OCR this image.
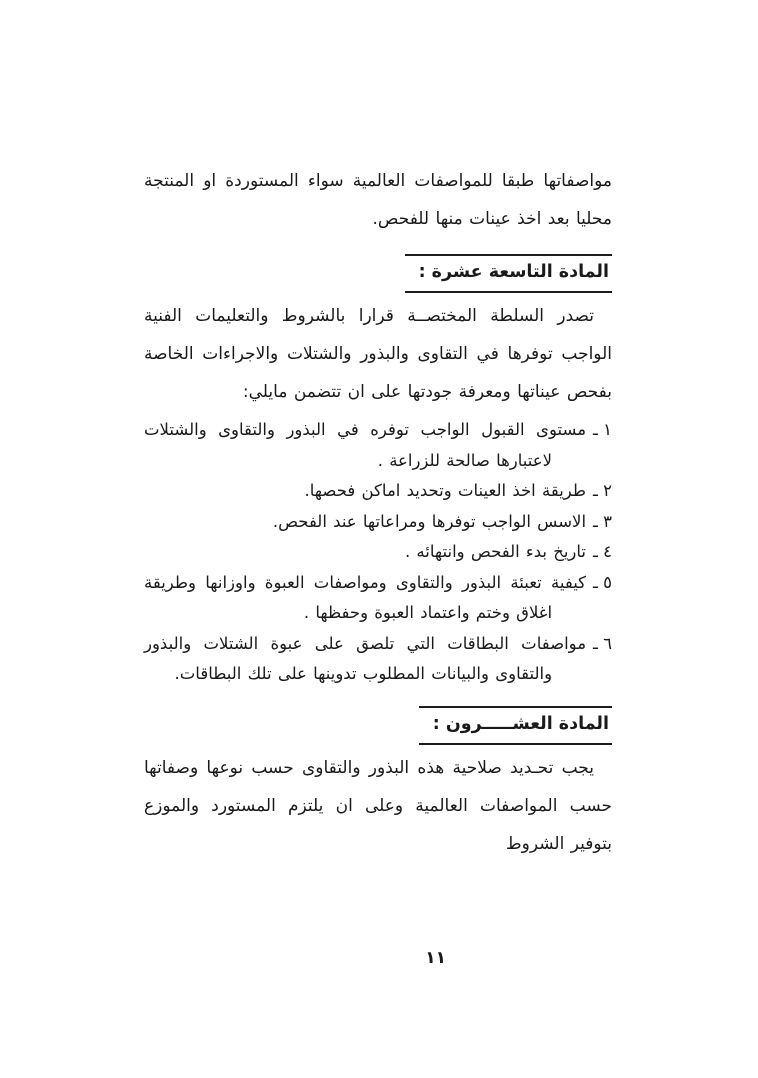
مواصفاتها طبقا للمواصفات العالمية سواء المستوردة او المنتجة محليا بعد اخذ عينات منها للفحص.

المادة التاسعة عشرة :

تصدر السلطة المختصــة قرارا بالشروط والتعليمات الفنية الواجب توفرها في التقاوى والبذور والشتلات والاجراءات الخاصة بفحص عيناتها ومعرفة جودتها على ان تتضمن مايلي:

١ ـ
مستوى القبول الواجب توفره في البذور والتقاوى والشتلات لاعتبارها صالحة للزراعة .
٢ ـ
طريقة اخذ العينات وتحديد اماكن فحصها.
٣ ـ
الاسس الواجب توفرها ومراعاتها عند الفحص.
٤ ـ
تاريخ بدء الفحص وانتهائه .
٥ ـ
كيفية تعبئة البذور والتقاوى ومواصفات العبوة واوزانها وطريقة اغلاق وختم واعتماد العبوة وحفظها .
٦ ـ
مواصفات البطاقات التي تلصق على عبوة الشتلات والبذور والتقاوى والبيانات المطلوب تدوينها على تلك البطاقات.
المادة العشـــــرون :

يجب تحـديد صلاحية هذه البذور والتقاوى حسب نوعها وصفاتها حسب المواصفات العالمية وعلى ان يلتزم المستورد والموزع بتوفير الشروط

١١
